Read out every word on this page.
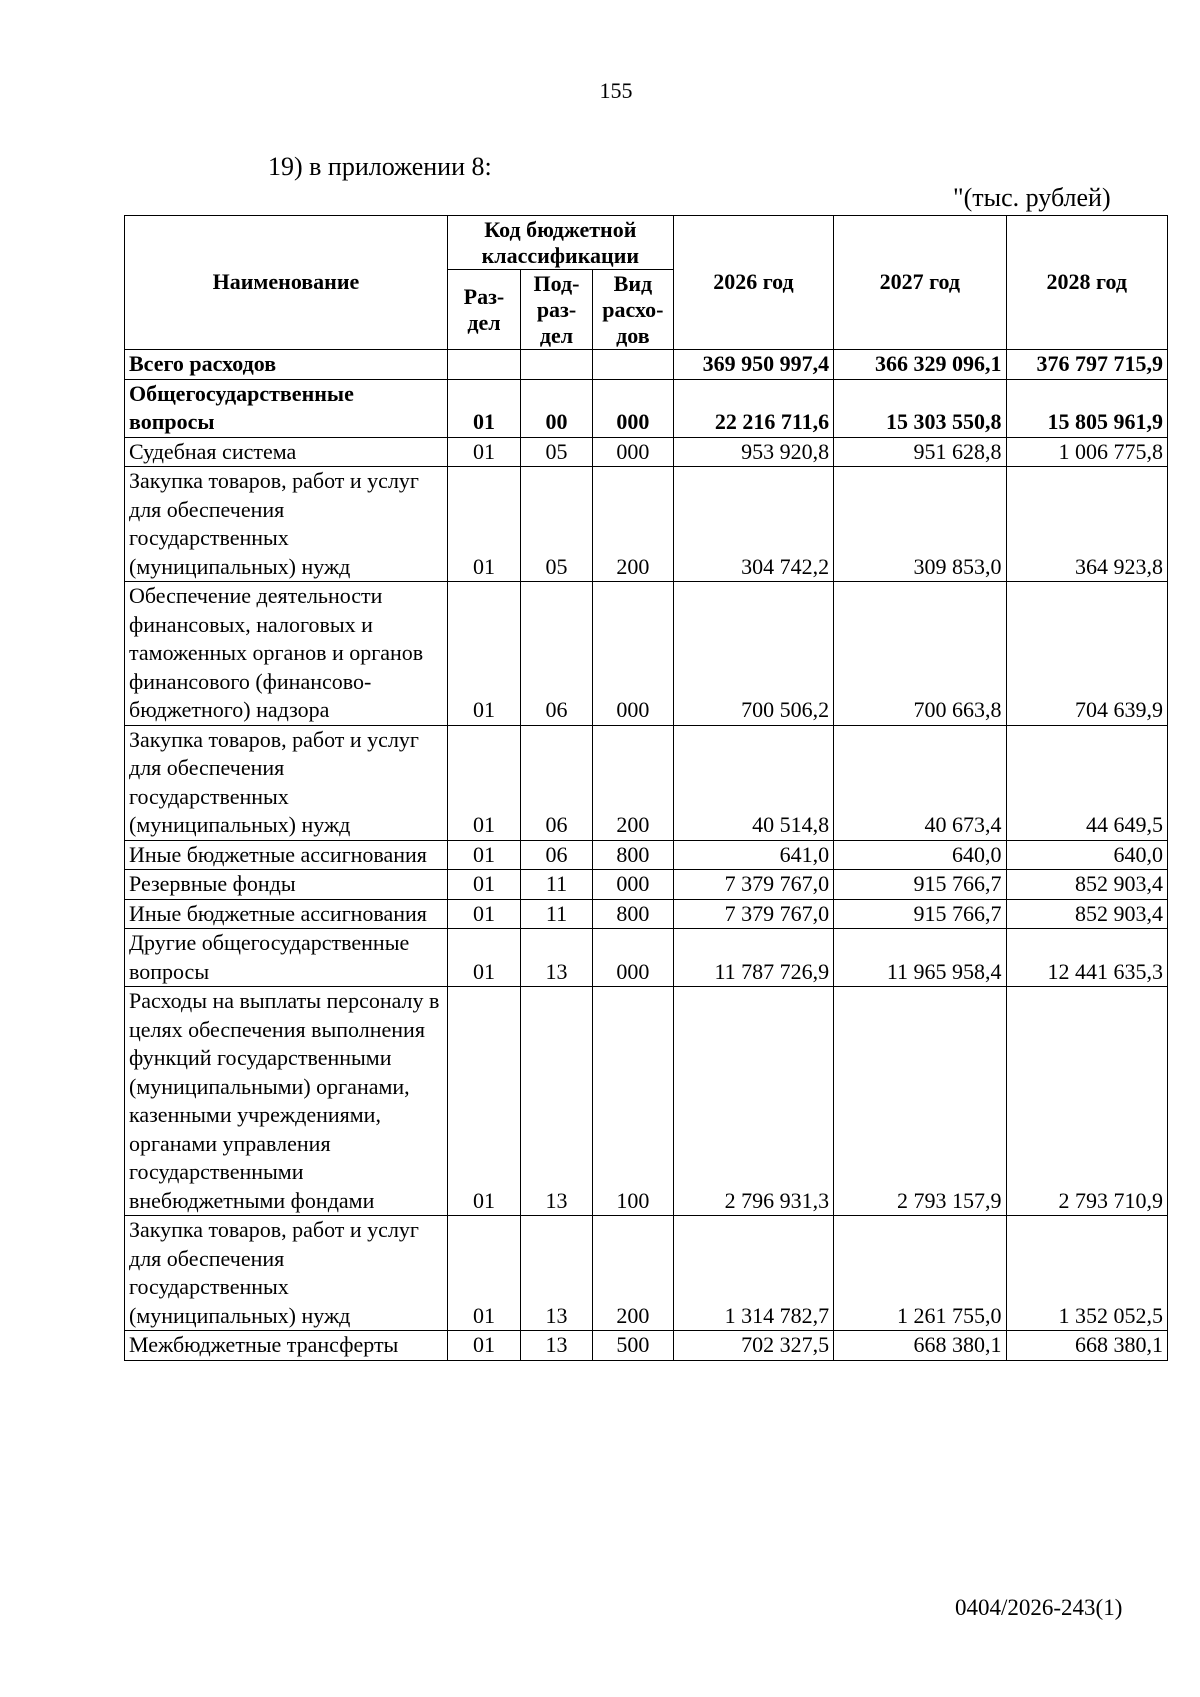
155
19) в приложении 8:
"(тыс. рублей)
Наименование	Код бюджетной классификации			2026 год	2027 год	2028 год
	Раз-дел	Под-раз-дел	Вид расхо-дов			
Всего расходов				369 950 997,4	366 329 096,1	376 797 715,9
Общегосударственные вопросы	01	00	000	22 216 711,6	15 303 550,8	15 805 961,9
Судебная система	01	05	000	953 920,8	951 628,8	1 006 775,8
Закупка товаров, работ и услуг для обеспечения государственных (муниципальных) нужд	01	05	200	304 742,2	309 853,0	364 923,8
Обеспечение деятельности финансовых, налоговых и таможенных органов и органов финансового (финансово-бюджетного) надзора	01	06	000	700 506,2	700 663,8	704 639,9
Закупка товаров, работ и услуг для обеспечения государственных (муниципальных) нужд	01	06	200	40 514,8	40 673,4	44 649,5
Иные бюджетные ассигнования	01	06	800	641,0	640,0	640,0
Резервные фонды	01	11	000	7 379 767,0	915 766,7	852 903,4
Иные бюджетные ассигнования	01	11	800	7 379 767,0	915 766,7	852 903,4
Другие общегосударственные вопросы	01	13	000	11 787 726,9	11 965 958,4	12 441 635,3
Расходы на выплаты персоналу в целях обеспечения выполнения функций государственными (муниципальными) органами, казенными учреждениями, органами управления государственными внебюджетными фондами	01	13	100	2 796 931,3	2 793 157,9	2 793 710,9
Закупка товаров, работ и услуг для обеспечения государственных (муниципальных) нужд	01	13	200	1 314 782,7	1 261 755,0	1 352 052,5
Межбюджетные трансферты	01	13	500	702 327,5	668 380,1	668 380,1
0404/2026-243(1)
